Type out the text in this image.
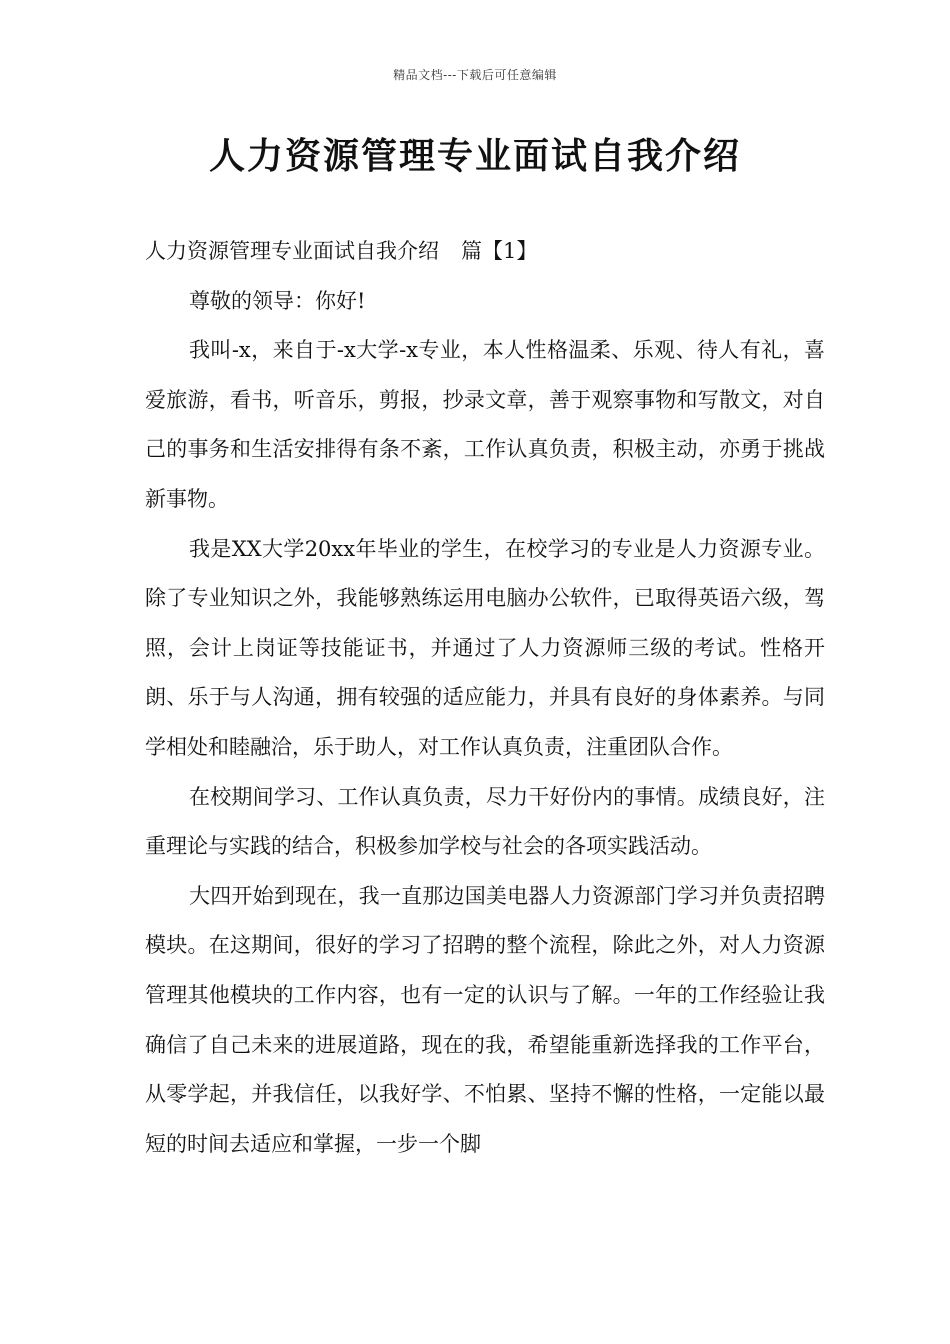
精品文档---下载后可任意编辑
人力资源管理专业面试自我介绍

人力资源管理专业面试自我介绍 篇【1】

尊敬的领导：你好!

我叫-x，来自于-x大学-x专业，本人性格温柔、乐观、待人有礼，喜爱旅游，看书，听音乐，剪报，抄录文章，善于观察事物和写散文，对自己的事务和生活安排得有条不紊，工作认真负责，积极主动，亦勇于挑战新事物。

我是XX大学20xx年毕业的学生，在校学习的专业是人力资源专业。 除了专业知识之外，我能够熟练运用电脑办公软件，已取得英语六级，驾照，会计上岗证等技能证书，并通过了人力资源师三级的考试。性格开朗、乐于与人沟通，拥有较强的适应能力，并具有良好的身体素养。与同学相处和睦融洽，乐于助人，对工作认真负责，注重团队合作。

在校期间学习、工作认真负责，尽力干好份内的事情。成绩良好，注重理论与实践的结合，积极参加学校与社会的各项实践活动。

大四开始到现在，我一直那边国美电器人力资源部门学习并负责招聘模块。在这期间，很好的学习了招聘的整个流程，除此之外，对人力资源管理其他模块的工作内容，也有一定的认识与了解。一年的工作经验让我确信了自己未来的进展道路，现在的我，希望能重新选择我的工作平台，从零学起，并我信任，以我好学、不怕累、坚持不懈的性格，一定能以最短的时间去适应和掌握，一步一个脚
